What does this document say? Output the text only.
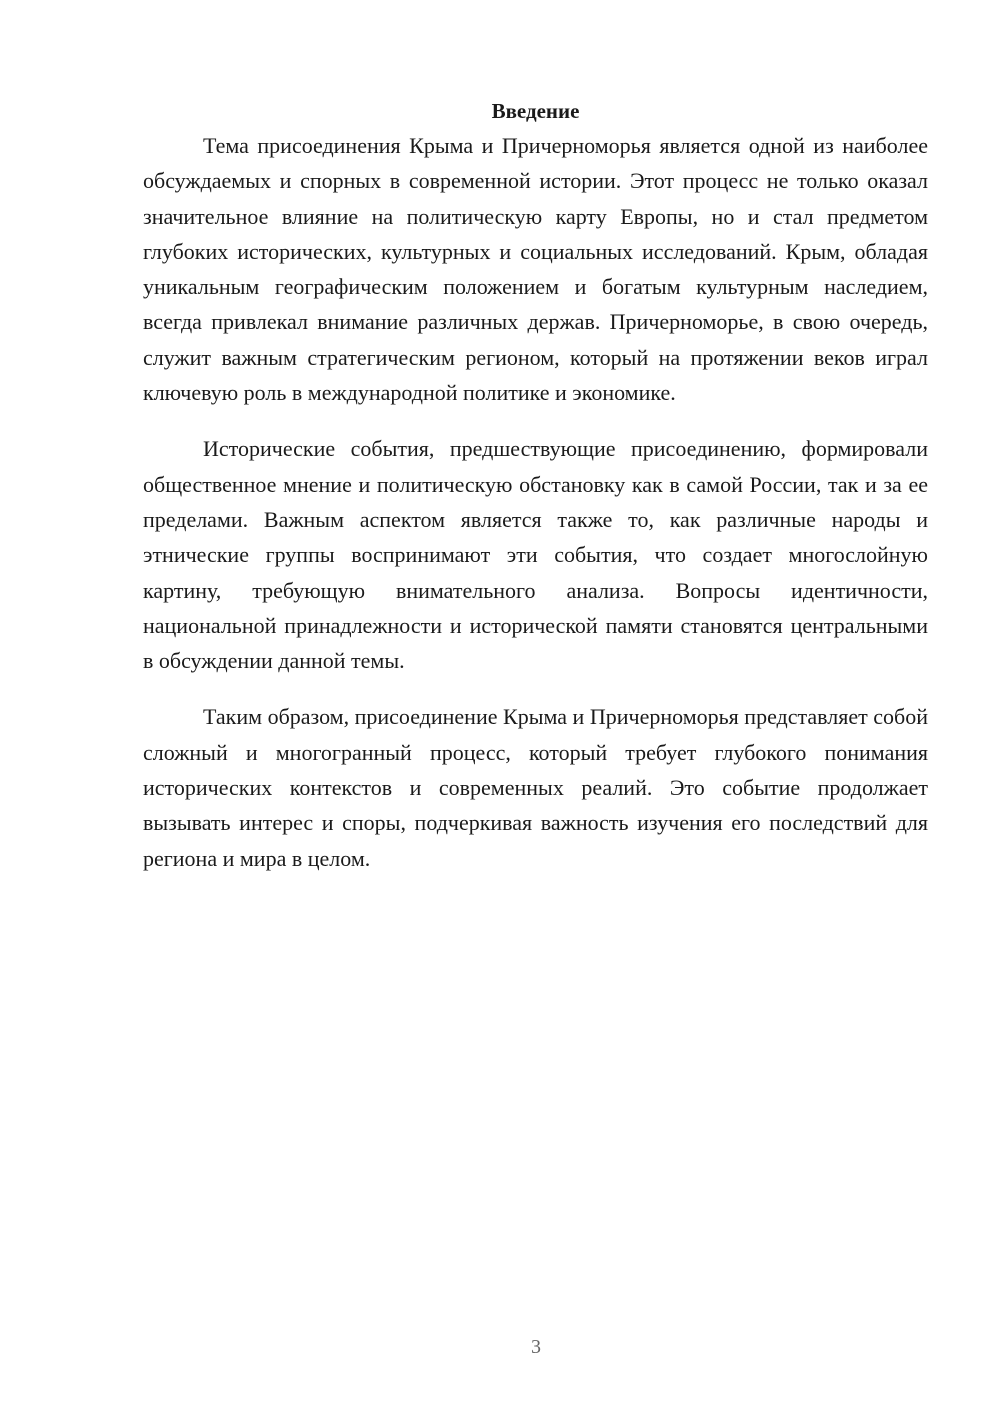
Введение

Тема присоединения Крыма и Причерноморья является одной из наиболее обсуждаемых и спорных в современной истории. Этот процесс не только оказал значительное влияние на политическую карту Европы, но и стал предметом глубоких исторических, культурных и социальных исследований. Крым, обладая уникальным географическим положением и богатым культурным наследием, всегда привлекал внимание различных держав. Причерноморье, в свою очередь, служит важным стратегическим регионом, который на протяжении веков играл ключевую роль в международной политике и экономике.

Исторические события, предшествующие присоединению, формировали общественное мнение и политическую обстановку как в самой России, так и за ее пределами. Важным аспектом является также то, как различные народы и этнические группы воспринимают эти события, что создает многослойную картину, требующую внимательного анализа. Вопросы идентичности, национальной принадлежности и исторической памяти становятся центральными в обсуждении данной темы.

Таким образом, присоединение Крыма и Причерноморья представляет собой сложный и многогранный процесс, который требует глубокого понимания исторических контекстов и современных реалий. Это событие продолжает вызывать интерес и споры, подчеркивая важность изучения его последствий для региона и мира в целом.

3
